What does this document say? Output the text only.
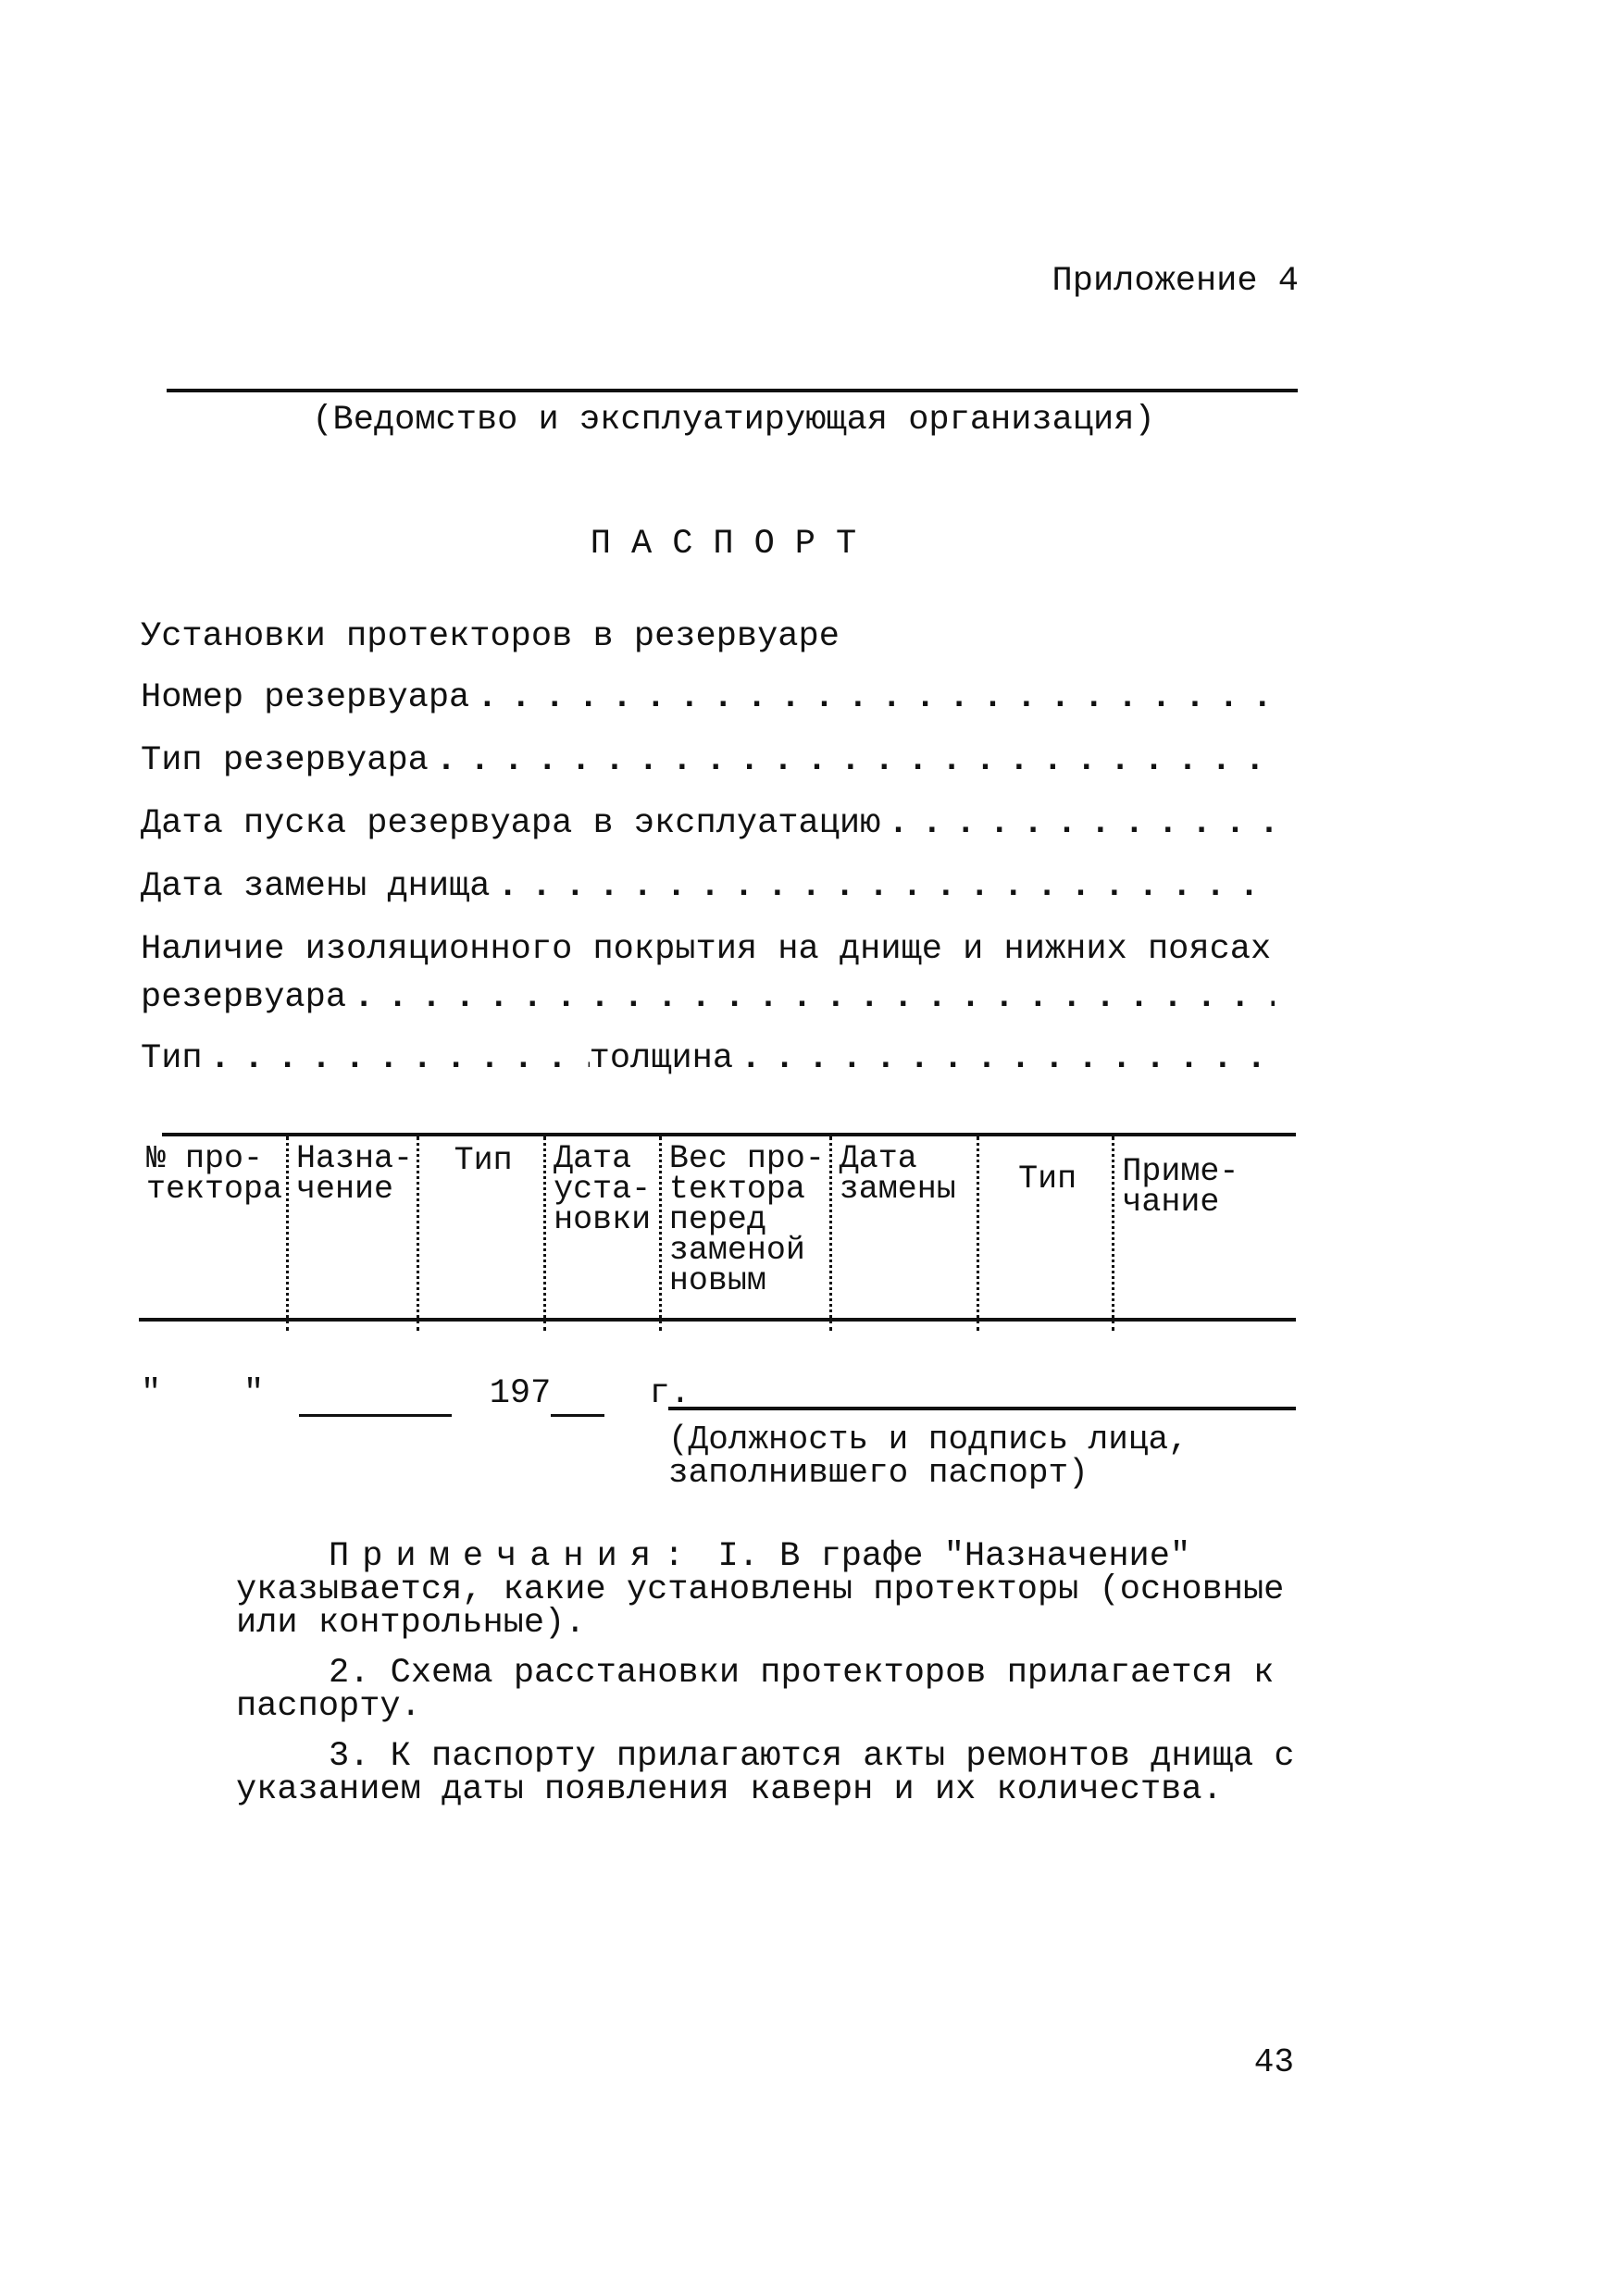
Приложение 4
(Ведомство и эксплуатирующая организация)
ПАСПОРТ
Установки протекторов в резервуаре
Номер резервуара
. . .
Тип резервуара
. . .
Дата пуска резервуара в эксплуатацию
. . .
Дата замены днища
. . .
Наличие изоляционного покрытия на днище и нижних поясах
резервуара
. . .
Тип
. . .	толщина
. . .
№ про-
тектора	Назна-
чение	Тип	Дата
уста-
новки	Вес про-
tектора
перед
заменой
новым	Дата
замены	Тип	Приме-
чание
" "	197	г.
(Должность и подпись лица, заполнившего паспорт)

Примечания: I. В графе "Назначение" указывается, какие установлены протекторы (основные или контрольные).

2. Схема расстановки протекторов прилагается к паспорту.

3. К паспорту прилагаются акты ремонтов днища с указанием даты появления каверн и их количества.

43
